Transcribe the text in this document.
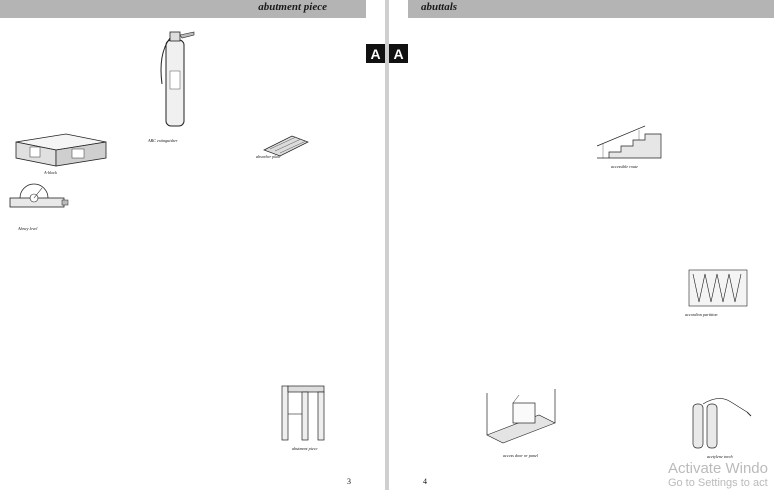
abutment piece
A
ABC extinguisher
A-block
Abney level
absorber plate
abutment piece
3
abuttals
A
accessible route
access door or panel
accordion partition
acetylene torch
4
Activate Windo
Go to Settings to act
